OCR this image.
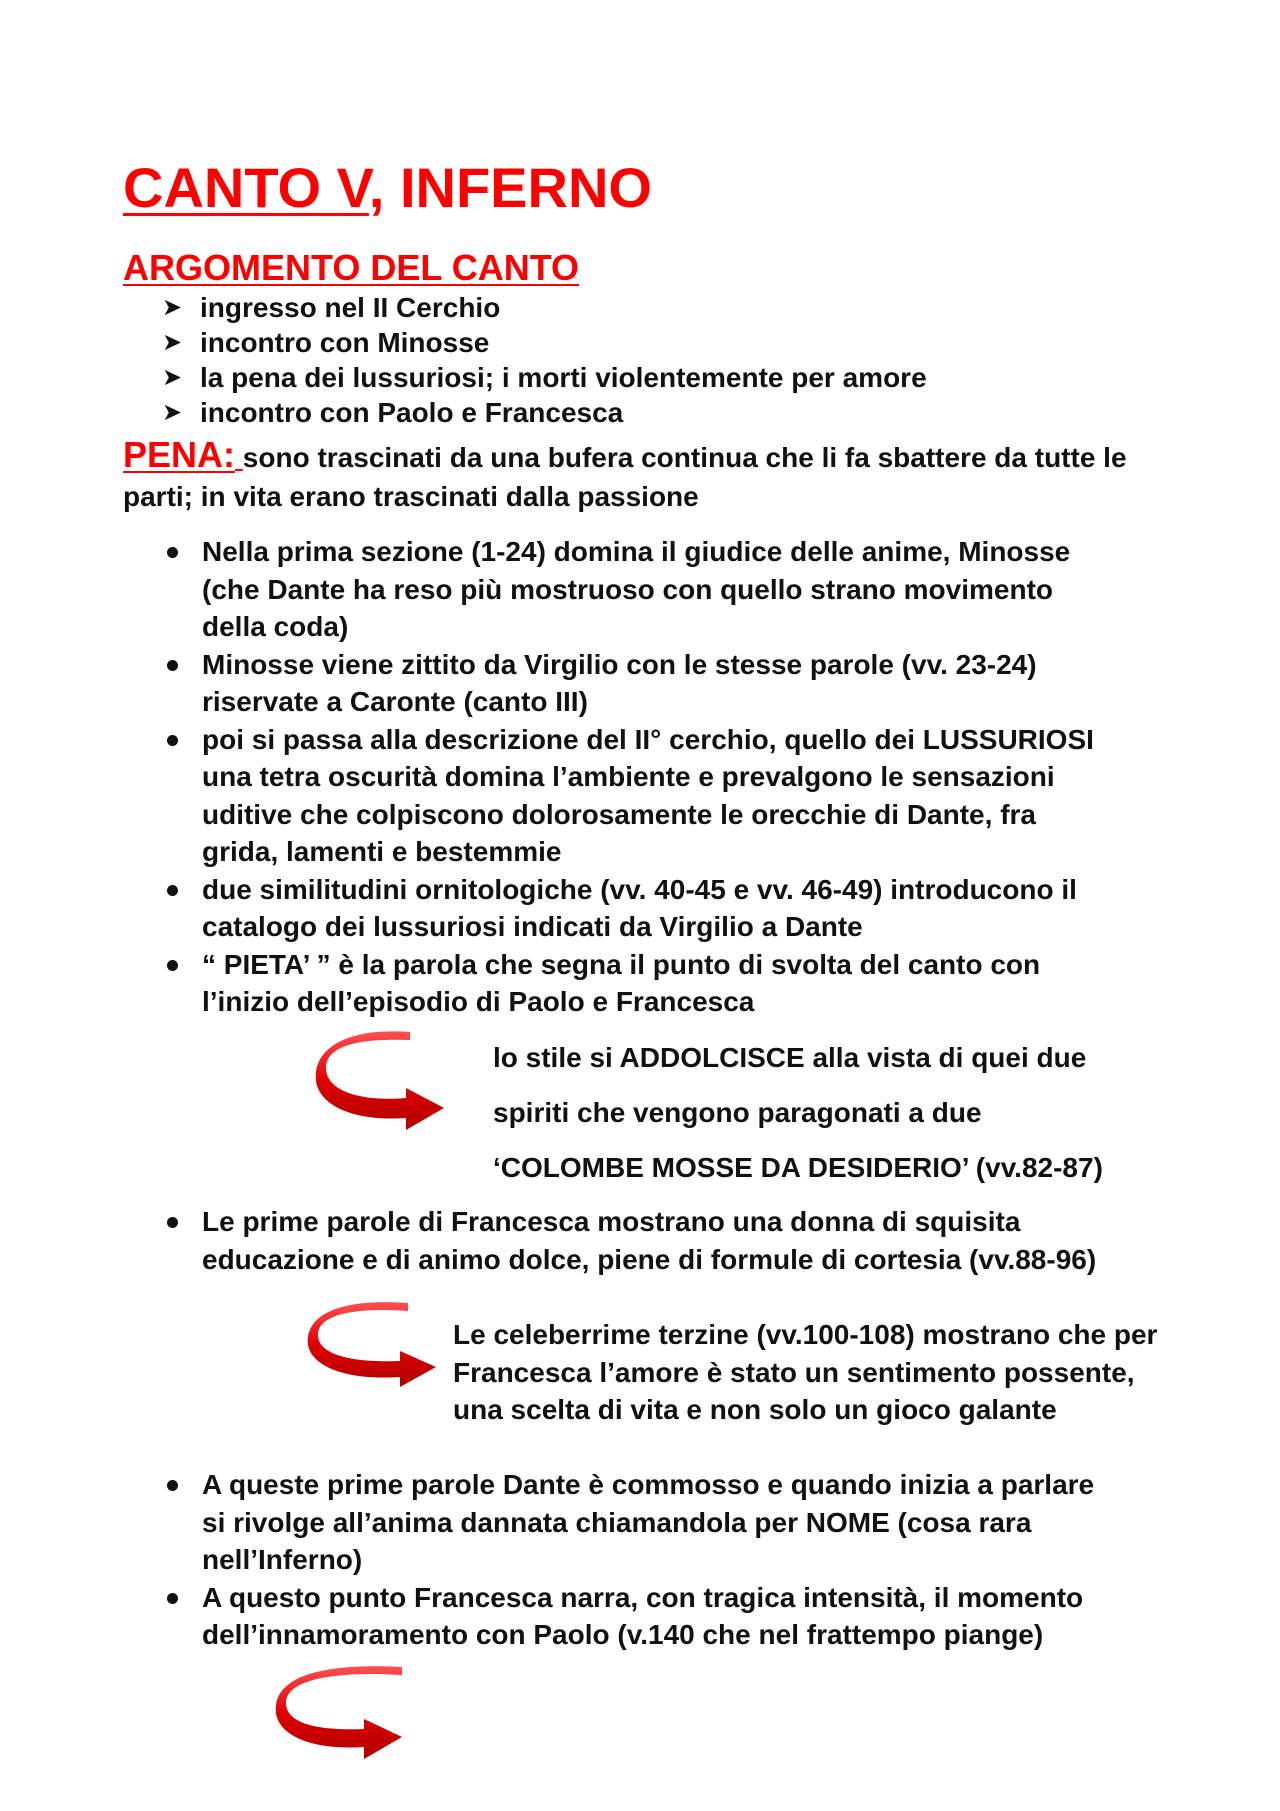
CANTO V, INFERNO
ARGOMENTO DEL CANTO
➤ ingresso nel II Cerchio
➤ incontro con Minosse
➤ la pena dei lussuriosi; i morti violentemente per amore
➤ incontro con Paolo e Francesca

PENA: sono trascinati da una bufera continua che li fa sbattere da tutte le parti; in vita erano trascinati dalla passione

Nella prima sezione (1-24) domina il giudice delle anime, Minosse (che Dante ha reso più mostruoso con quello strano movimento della coda)
Minosse viene zittito da Virgilio con le stesse parole (vv. 23-24) riservate a Caronte (canto III)
poi si passa alla descrizione del II° cerchio, quello dei LUSSURIOSI una tetra oscurità domina l’ambiente e prevalgono le sensazioni uditive che colpiscono dolorosamente le orecchie di Dante, fra grida, lamenti e bestemmie
due similitudini ornitologiche (vv. 40-45 e vv. 46-49) introducono il catalogo dei lussuriosi indicati da Virgilio a Dante
“ PIETA’ ” è la parola che segna il punto di svolta del canto con l’inizio dell’episodio di Paolo e Francesca
lo stile si ADDOLCISCE alla vista di quei due
spiriti che vengono paragonati a due
‘COLOMBE MOSSE DA DESIDERIO’ (vv.82-87)
Le prime parole di Francesca mostrano una donna di squisita educazione e di animo dolce, piene di formule di cortesia (vv.88-96)
Le celeberrime terzine (vv.100-108) mostrano che per Francesca l’amore è stato un sentimento possente, una scelta di vita e non solo un gioco galante
A queste prime parole Dante è commosso e quando inizia a parlare si rivolge all’anima dannata chiamandola per NOME (cosa rara nell’Inferno)
A questo punto Francesca narra, con tragica intensità, il momento dell’innamoramento con Paolo (v.140 che nel frattempo piange)
